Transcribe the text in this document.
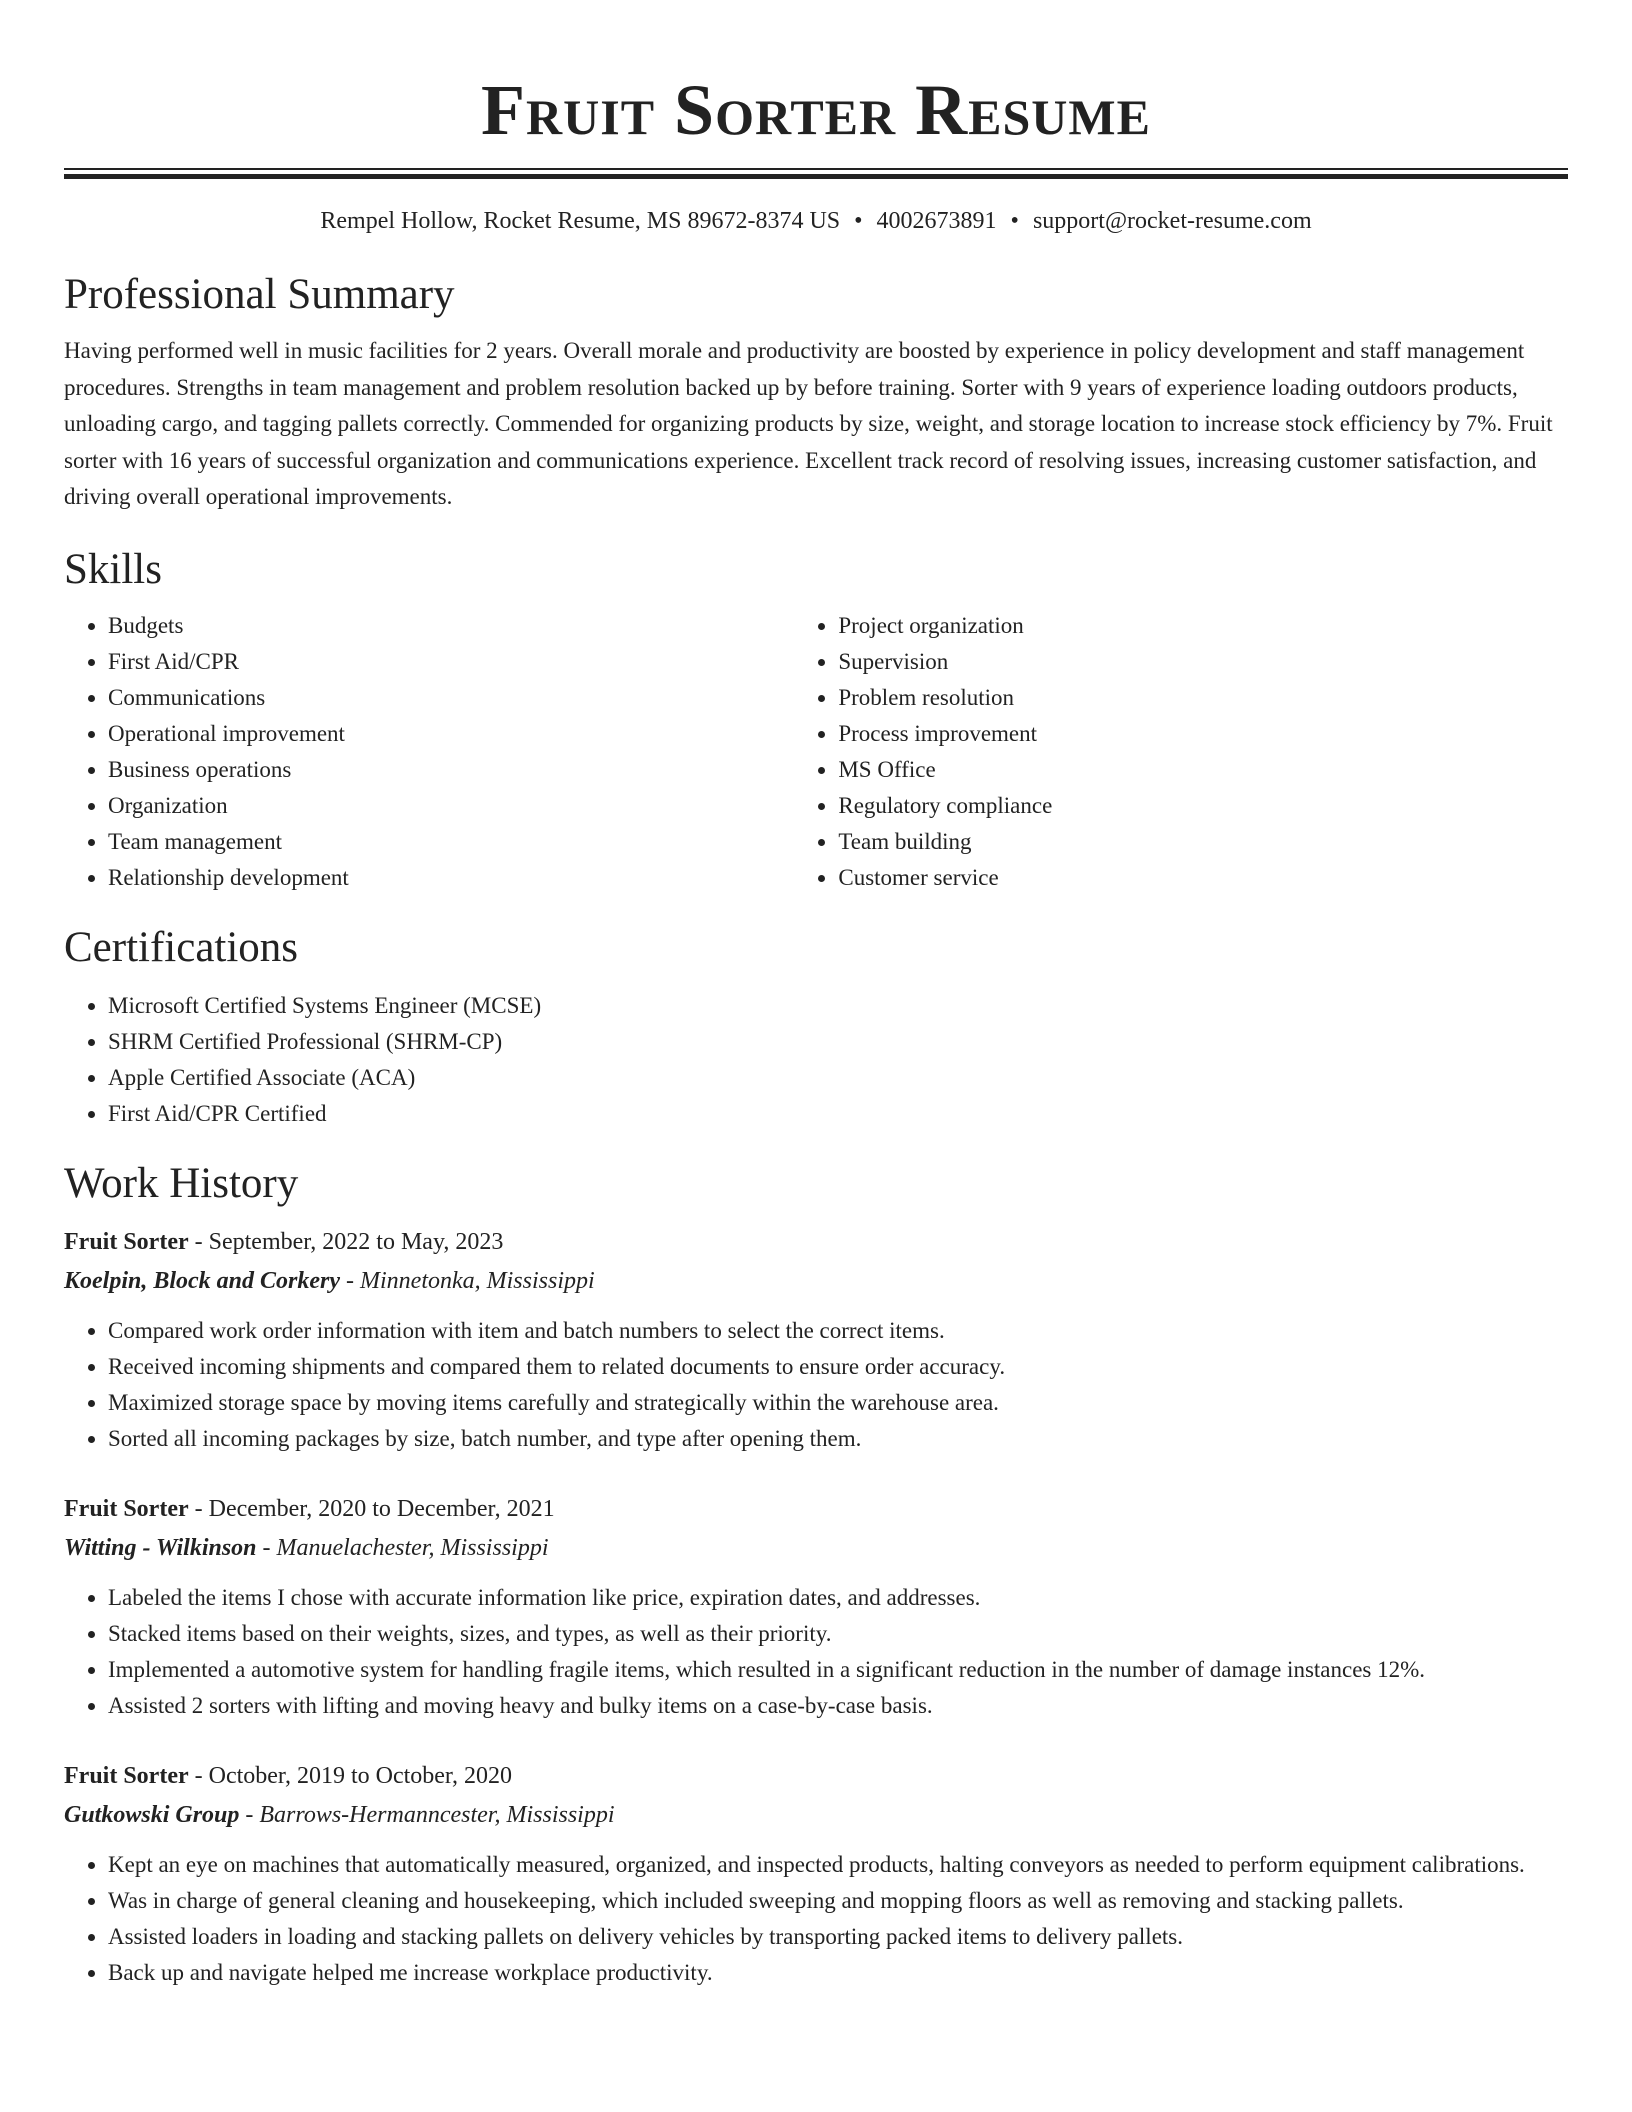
Fruit Sorter Resume
Rempel Hollow, Rocket Resume, MS 89672-8374 US • 4002673891 • support@rocket-resume.com
Professional Summary
Having performed well in music facilities for 2 years. Overall morale and productivity are boosted by experience in policy development and staff management procedures. Strengths in team management and problem resolution backed up by before training. Sorter with 9 years of experience loading outdoors products, unloading cargo, and tagging pallets correctly. Commended for organizing products by size, weight, and storage location to increase stock efficiency by 7%. Fruit sorter with 16 years of successful organization and communications experience. Excellent track record of resolving issues, increasing customer satisfaction, and driving overall operational improvements.
Skills
• Budgets
• First Aid/CPR
• Communications
• Operational improvement
• Business operations
• Organization
• Team management
• Relationship development
• Project organization
• Supervision
• Problem resolution
• Process improvement
• MS Office
• Regulatory compliance
• Team building
• Customer service
Certifications
• Microsoft Certified Systems Engineer (MCSE)
• SHRM Certified Professional (SHRM-CP)
• Apple Certified Associate (ACA)
• First Aid/CPR Certified
Work History
Fruit Sorter - September, 2022 to May, 2023
Koelpin, Block and Corkery - Minnetonka, Mississippi
• Compared work order information with item and batch numbers to select the correct items.
• Received incoming shipments and compared them to related documents to ensure order accuracy.
• Maximized storage space by moving items carefully and strategically within the warehouse area.
• Sorted all incoming packages by size, batch number, and type after opening them.
Fruit Sorter - December, 2020 to December, 2021
Witting - Wilkinson - Manuelachester, Mississippi
• Labeled the items I chose with accurate information like price, expiration dates, and addresses.
• Stacked items based on their weights, sizes, and types, as well as their priority.
• Implemented a automotive system for handling fragile items, which resulted in a significant reduction in the number of damage instances 12%.
• Assisted 2 sorters with lifting and moving heavy and bulky items on a case-by-case basis.
Fruit Sorter - October, 2019 to October, 2020
Gutkowski Group - Barrows-Hermanncester, Mississippi
• Kept an eye on machines that automatically measured, organized, and inspected products, halting conveyors as needed to perform equipment calibrations.
• Was in charge of general cleaning and housekeeping, which included sweeping and mopping floors as well as removing and stacking pallets.
• Assisted loaders in loading and stacking pallets on delivery vehicles by transporting packed items to delivery pallets.
• Back up and navigate helped me increase workplace productivity.
